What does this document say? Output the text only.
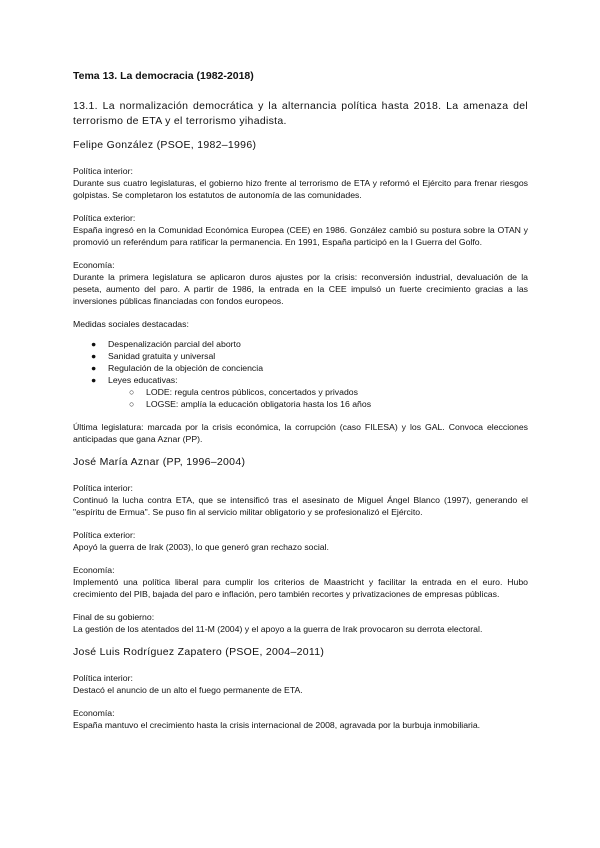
Tema 13. La democracia (1982-2018)

13.1. La normalización democrática y la alternancia política hasta 2018. La amenaza del terrorismo de ETA y el terrorismo yihadista.

Felipe González (PSOE, 1982–1996)

Política interior:

Durante sus cuatro legislaturas, el gobierno hizo frente al terrorismo de ETA y reformó el Ejército para frenar riesgos golpistas. Se completaron los estatutos de autonomía de las comunidades.

Política exterior:

España ingresó en la Comunidad Económica Europea (CEE) en 1986. González cambió su postura sobre la OTAN y promovió un referéndum para ratificar la permanencia. En 1991, España participó en la I Guerra del Golfo.

Economía:

Durante la primera legislatura se aplicaron duros ajustes por la crisis: reconversión industrial, devaluación de la peseta, aumento del paro. A partir de 1986, la entrada en la CEE impulsó un fuerte crecimiento gracias a las inversiones públicas financiadas con fondos europeos.

Medidas sociales destacadas:

● Despenalización parcial del aborto
● Sanidad gratuita y universal
● Regulación de la objeción de conciencia
● Leyes educativas:
○ LODE: regula centros públicos, concertados y privados
○ LOGSE: amplía la educación obligatoria hasta los 16 años

Última legislatura: marcada por la crisis económica, la corrupción (caso FILESA) y los GAL. Convoca elecciones anticipadas que gana Aznar (PP).

José María Aznar (PP, 1996–2004)

Política interior:

Continuó la lucha contra ETA, que se intensificó tras el asesinato de Miguel Ángel Blanco (1997), generando el "espíritu de Ermua". Se puso fin al servicio militar obligatorio y se profesionalizó el Ejército.

Política exterior:

Apoyó la guerra de Irak (2003), lo que generó gran rechazo social.

Economía:

Implementó una política liberal para cumplir los criterios de Maastricht y facilitar la entrada en el euro. Hubo crecimiento del PIB, bajada del paro e inflación, pero también recortes y privatizaciones de empresas públicas.

Final de su gobierno:

La gestión de los atentados del 11-M (2004) y el apoyo a la guerra de Irak provocaron su derrota electoral.

José Luis Rodríguez Zapatero (PSOE, 2004–2011)

Política interior:

Destacó el anuncio de un alto el fuego permanente de ETA.

Economía:

España mantuvo el crecimiento hasta la crisis internacional de 2008, agravada por la burbuja inmobiliaria.
